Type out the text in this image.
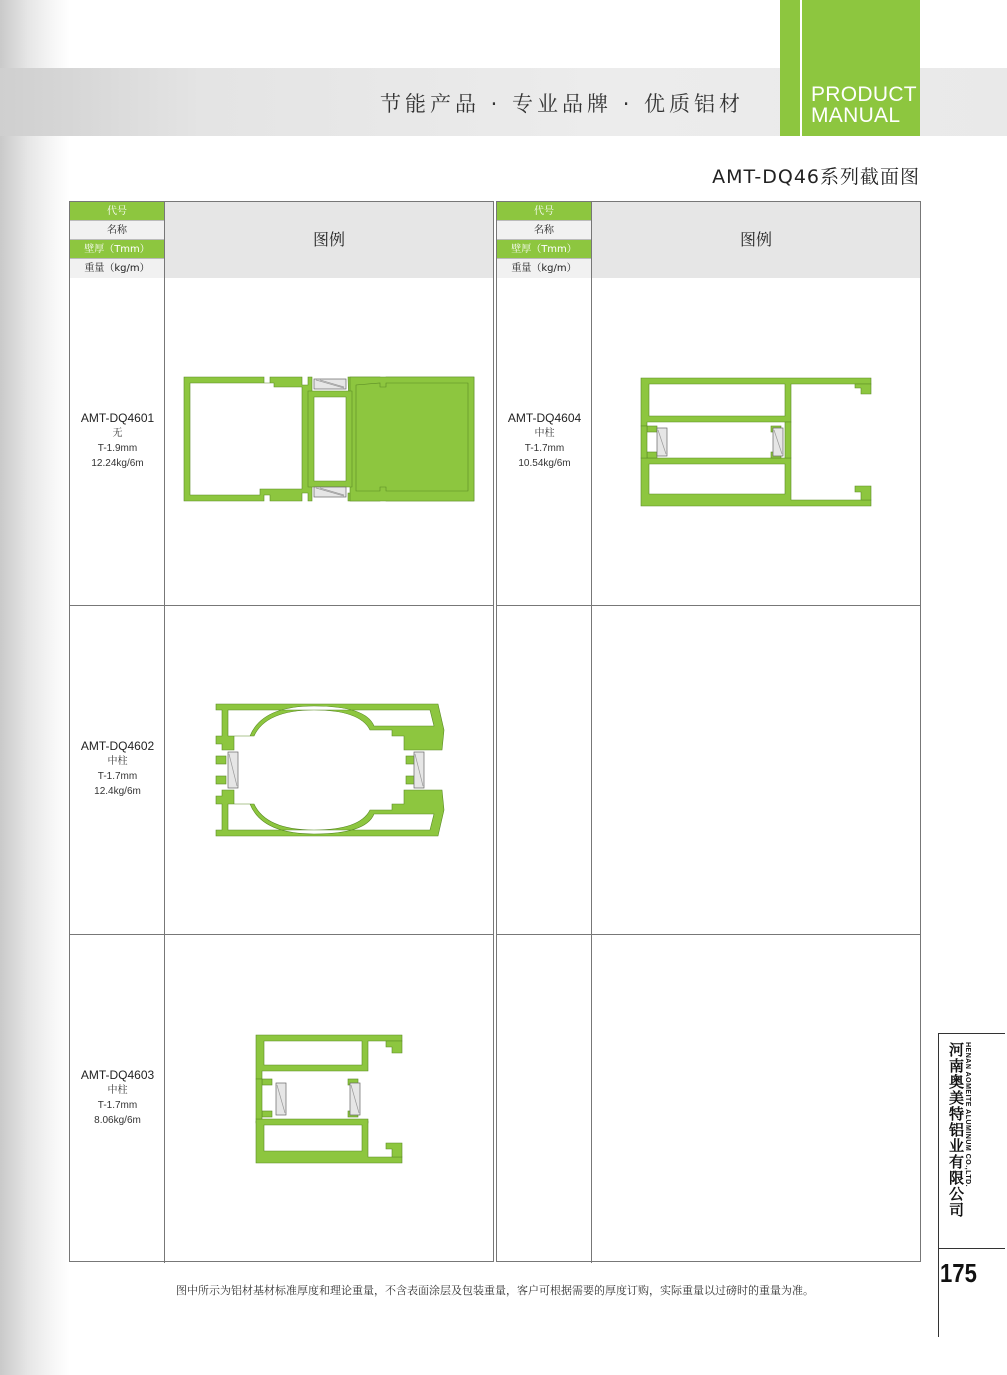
节能产品 · 专业品牌 · 优质铝材	PRODUCT
MANUAL
AMT-DQ46系列截面图
代号
名称
壁厚（Tmm）
重量（kg/m）
图例
AMT-DQ4601
无
T-1.9mm
12.24kg/6m
AMT-DQ4602
中柱
T-1.7mm
12.4kg/6m
AMT-DQ4603
中柱
T-1.7mm
8.06kg/6m
代号
名称
壁厚（Tmm）
重量（kg/m）
图例
AMT-DQ4604
中柱
T-1.7mm
10.54kg/6m
图中所示为铝材基材标准厚度和理论重量，不含表面涂层及包装重量，客户可根据需要的厚度订购，实际重量以过磅时的重量为准。
河南奥美特铝业有限公司 HENAN AOMEITE ALUMINUM CO.,LTD.
175
